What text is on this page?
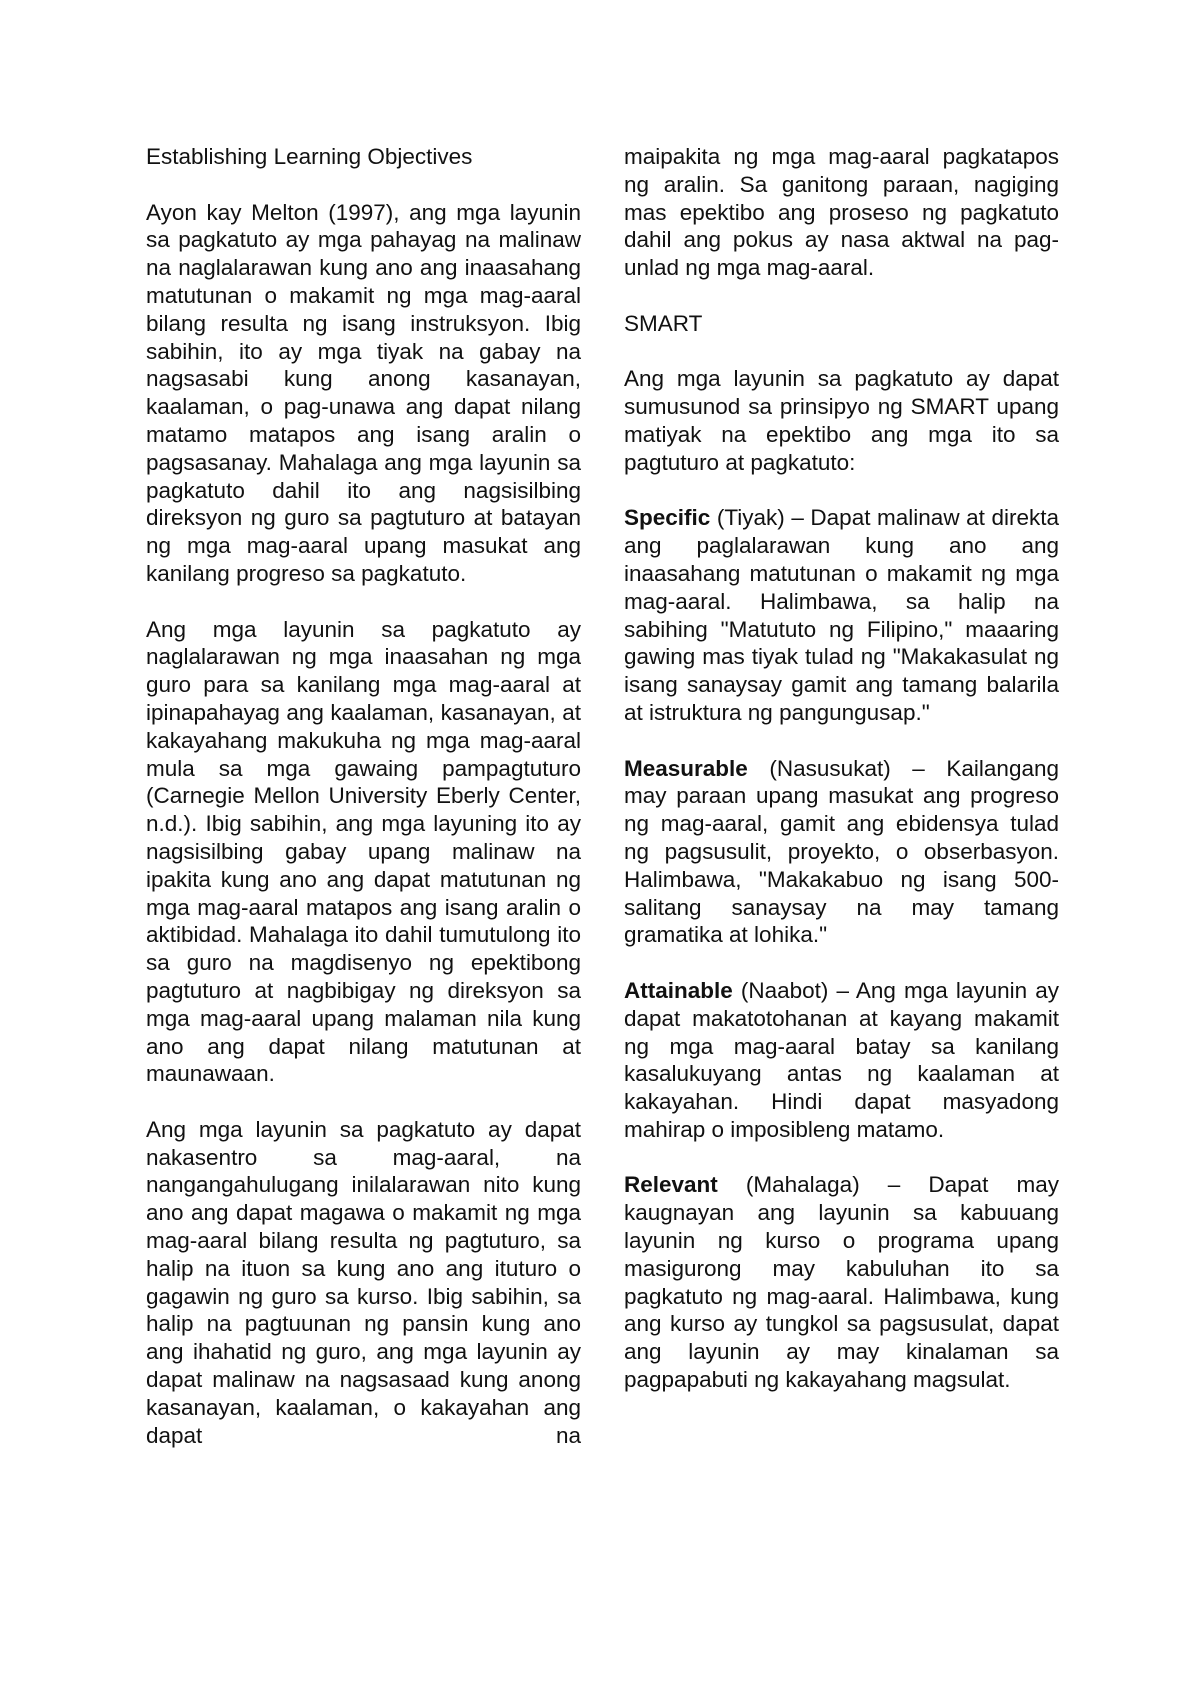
Establishing Learning Objectives
Ayon kay Melton (1997), ang mga layunin sa pagkatuto ay mga pahayag na malinaw na naglalarawan kung ano ang inaasahang matutunan o makamit ng mga mag-aaral bilang resulta ng isang instruksyon. Ibig sabihin, ito ay mga tiyak na gabay na nagsasabi kung anong kasanayan, kaalaman, o pag-unawa ang dapat nilang matamo matapos ang isang aralin o pagsasanay. Mahalaga ang mga layunin sa pagkatuto dahil ito ang nagsisilbing direksyon ng guro sa pagtuturo at batayan ng mga mag-aaral upang masukat ang kanilang progreso sa pagkatuto.
Ang mga layunin sa pagkatuto ay naglalarawan ng mga inaasahan ng mga guro para sa kanilang mga mag-aaral at ipinapahayag ang kaalaman, kasanayan, at kakayahang makukuha ng mga mag-aaral mula sa mga gawaing pampagtuturo (Carnegie Mellon University Eberly Center, n.d.). Ibig sabihin, ang mga layuning ito ay nagsisilbing gabay upang malinaw na ipakita kung ano ang dapat matutunan ng mga mag-aaral matapos ang isang aralin o aktibidad. Mahalaga ito dahil tumutulong ito sa guro na magdisenyo ng epektibong pagtuturo at nagbibigay ng direksyon sa mga mag-aaral upang malaman nila kung ano ang dapat nilang matutunan at maunawaan.
Ang mga layunin sa pagkatuto ay dapat nakasentro sa mag-aaral, na nangangahulugang inilalarawan nito kung ano ang dapat magawa o makamit ng mga mag-aaral bilang resulta ng pagtuturo, sa halip na ituon sa kung ano ang ituturo o gagawin ng guro sa kurso. Ibig sabihin, sa halip na pagtuunan ng pansin kung ano ang ihahatid ng guro, ang mga layunin ay dapat malinaw na nagsasaad kung anong kasanayan, kaalaman, o kakayahan ang dapat na
maipakita ng mga mag-aaral pagkatapos ng aralin. Sa ganitong paraan, nagiging mas epektibo ang proseso ng pagkatuto dahil ang pokus ay nasa aktwal na pag-unlad ng mga mag-aaral.
SMART
Ang mga layunin sa pagkatuto ay dapat sumusunod sa prinsipyo ng SMART upang matiyak na epektibo ang mga ito sa pagtuturo at pagkatuto:
Specific (Tiyak) – Dapat malinaw at direkta ang paglalarawan kung ano ang inaasahang matutunan o makamit ng mga mag-aaral. Halimbawa, sa halip na sabihing "Matututo ng Filipino," maaaring gawing mas tiyak tulad ng "Makakasulat ng isang sanaysay gamit ang tamang balarila at istruktura ng pangungusap."
Measurable (Nasusukat) – Kailangang may paraan upang masukat ang progreso ng mag-aaral, gamit ang ebidensya tulad ng pagsusulit, proyekto, o obserbasyon. Halimbawa, "Makakabuo ng isang 500-salitang sanaysay na may tamang gramatika at lohika."
Attainable (Naabot) – Ang mga layunin ay dapat makatotohanan at kayang makamit ng mga mag-aaral batay sa kanilang kasalukuyang antas ng kaalaman at kakayahan. Hindi dapat masyadong mahirap o imposibleng matamo.
Relevant (Mahalaga) – Dapat may kaugnayan ang layunin sa kabuuang layunin ng kurso o programa upang masigurong may kabuluhan ito sa pagkatuto ng mag-aaral. Halimbawa, kung ang kurso ay tungkol sa pagsusulat, dapat ang layunin ay may kinalaman sa pagpapabuti ng kakayahang magsulat.
